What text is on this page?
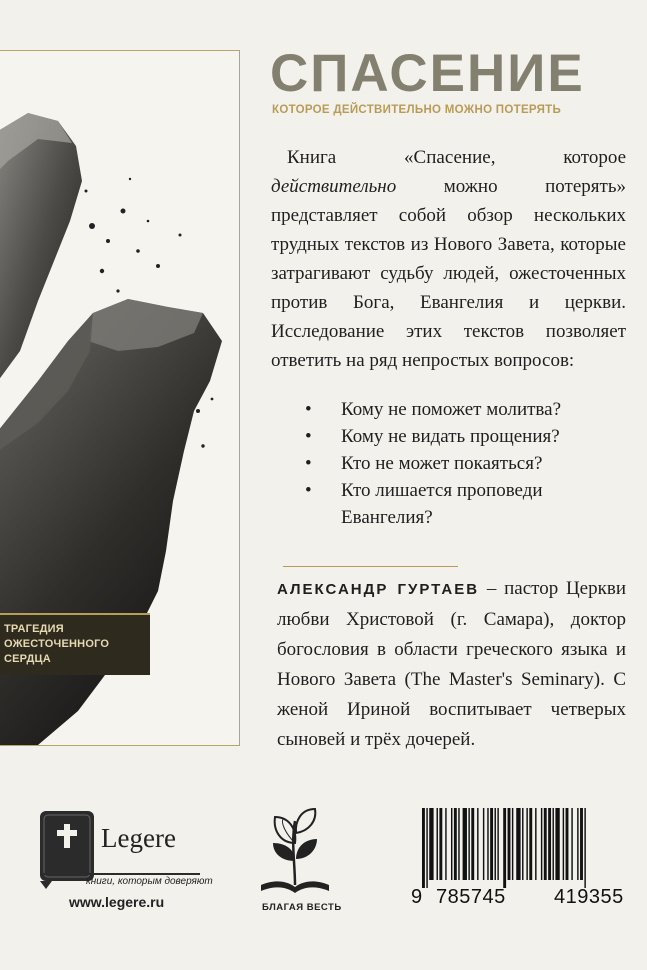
ТРАГЕДИЯ
ОЖЕСТОЧЕННОГО
СЕРДЦА
СПАСЕНИЕ
КОТОРОЕ ДЕЙСТВИТЕЛЬНО МОЖНО ПОТЕРЯТЬ

Книга «Спасение, которое действительно можно потерять» представляет собой обзор нескольких трудных текстов из Нового Завета, которые затрагивают судьбу людей, ожесточенных против Бога, Евангелия и церкви. Исследование этих текстов позволяет ответить на ряд непростых вопросов:

• Кому не поможет молитва?
• Кому не видать прощения?
• Кто не может покаяться?
• Кто лишается проповеди Евангелия?
АЛЕКСАНДР ГУРТАЕВ – пастор Церкви любви Христовой (г. Самара), доктор богословия в области греческого языка и Нового Завета (The Master's Seminary). С женой Ириной воспитывает четверых сыновей и трёх дочерей.
Legere
книги, которым доверяют
www.legere.ru	БЛАГАЯ ВЕСТЬ	9 785745 419355
